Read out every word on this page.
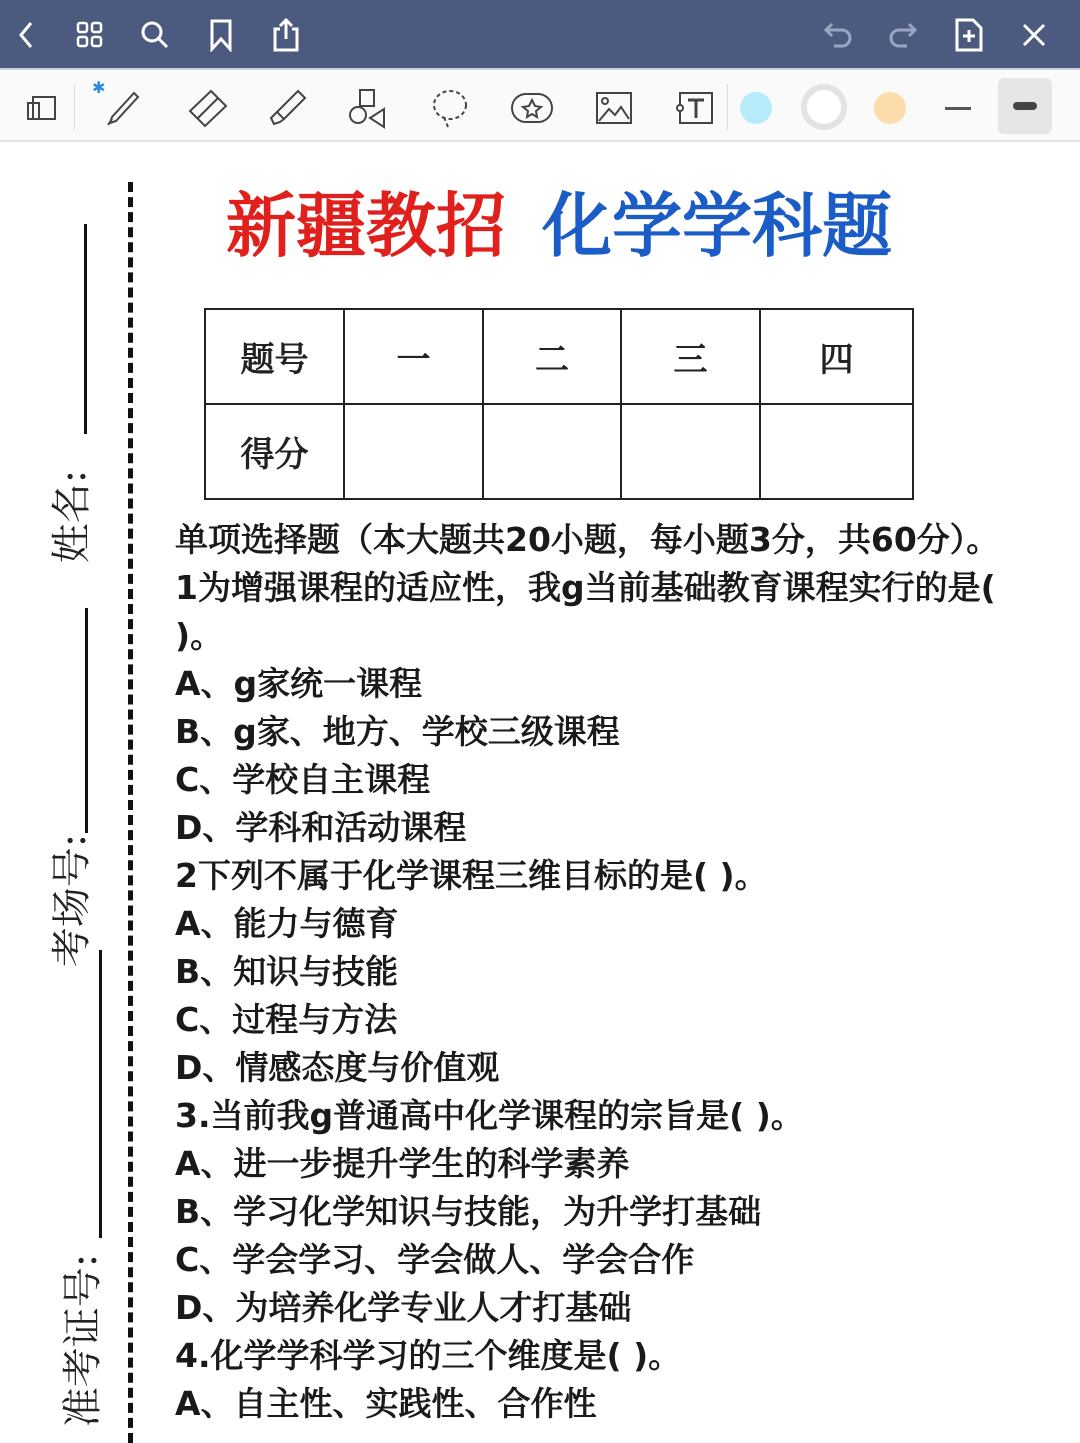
✱
新疆教招 化学学科题
题号	一	二	三	四
得分				
姓名:
考场号:
准考证号:
单项选择题（本大题共20小题，每小题3分，共60分）。
1为增强课程的适应性，我g当前基础教育课程实行的是( )。
A、g家统一课程
B、g家、地方、学校三级课程
C、学校自主课程
D、学科和活动课程
2下列不属于化学课程三维目标的是( )。
A、能力与德育
B、知识与技能
C、过程与方法
D、情感态度与价值观
3.当前我g普通高中化学课程的宗旨是( )。
A、进一步提升学生的科学素养
B、学习化学知识与技能，为升学打基础
C、学会学习、学会做人、学会合作
D、为培养化学专业人才打基础
4.化学学科学习的三个维度是( )。
A、自主性、实践性、合作性
